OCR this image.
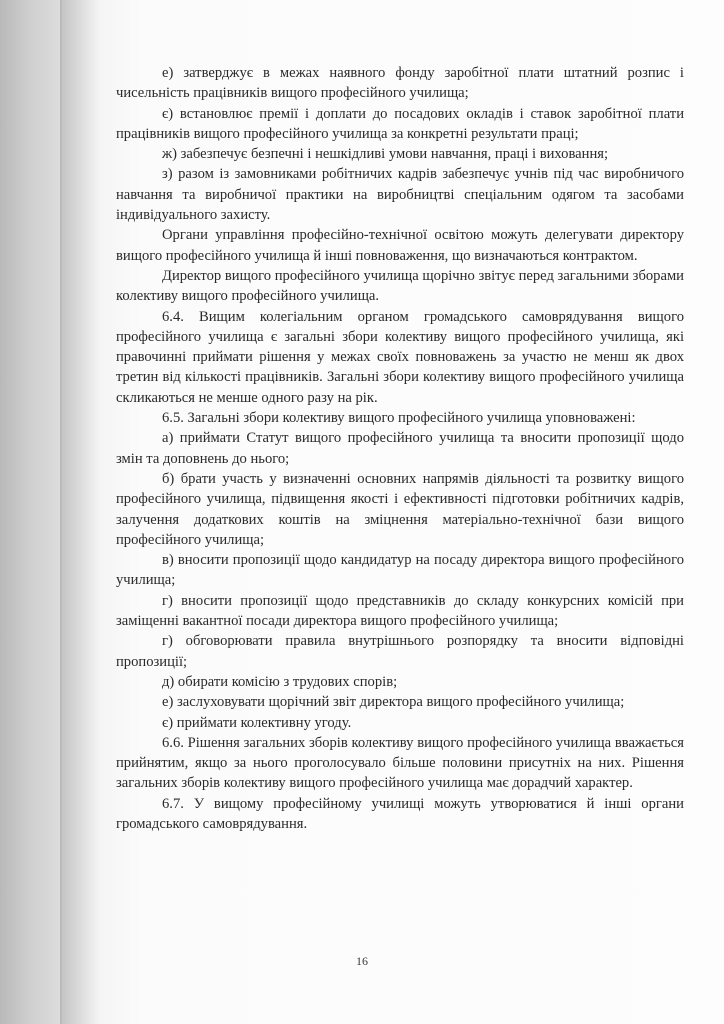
е) затверджує в межах наявного фонду заробітної плати штатний розпис і чисельність працівників вищого професійного училища;

є) встановлює премії і доплати до посадових окладів і ставок заробітної плати працівників вищого професійного училища за конкретні результати праці;

ж) забезпечує безпечні і нешкідливі умови навчання, праці і виховання;

з) разом із замовниками робітничих кадрів забезпечує учнів під час виробничого навчання та виробничої практики на виробництві спеціальним одягом та засобами індивідуального захисту.

Органи управління професійно-технічної освітою можуть делегувати директору вищого професійного училища й інші повноваження, що визначаються контрактом.

Директор вищого професійного училища щорічно звітує перед загальними зборами колективу вищого професійного училища.

6.4. Вищим колегіальним органом громадського самоврядування вищого професійного училища є загальні збори колективу вищого професійного училища, які правочинні приймати рішення у межах своїх повноважень за участю не менш як двох третин від кількості працівників. Загальні збори колективу вищого професійного училища скликаються не менше одного разу на рік.

6.5. Загальні збори колективу вищого професійного училища уповноважені:

а) приймати Статут вищого професійного училища та вносити пропозиції щодо змін та доповнень до нього;

б) брати участь у визначенні основних напрямів діяльності та розвитку вищого професійного училища, підвищення якості і ефективності підготовки робітничих кадрів, залучення додаткових коштів на зміцнення матеріально-технічної бази вищого професійного училища;

в) вносити пропозиції щодо кандидатур на посаду директора вищого професійного училища;

г) вносити пропозиції щодо представників до складу конкурсних комісій при заміщенні вакантної посади директора вищого професійного училища;

г) обговорювати правила внутрішнього розпорядку та вносити відповідні пропозиції;

д) обирати комісію з трудових спорів;

е) заслуховувати щорічний звіт директора вищого професійного училища;

є) приймати колективну угоду.

6.6. Рішення загальних зборів колективу вищого професійного училища вважається прийнятим, якщо за нього проголосувало більше половини присутніх на них. Рішення загальних зборів колективу вищого професійного училища має дорадчий характер.

6.7. У вищому професійному училищі можуть утворюватися й інші органи громадського самоврядування.

16
